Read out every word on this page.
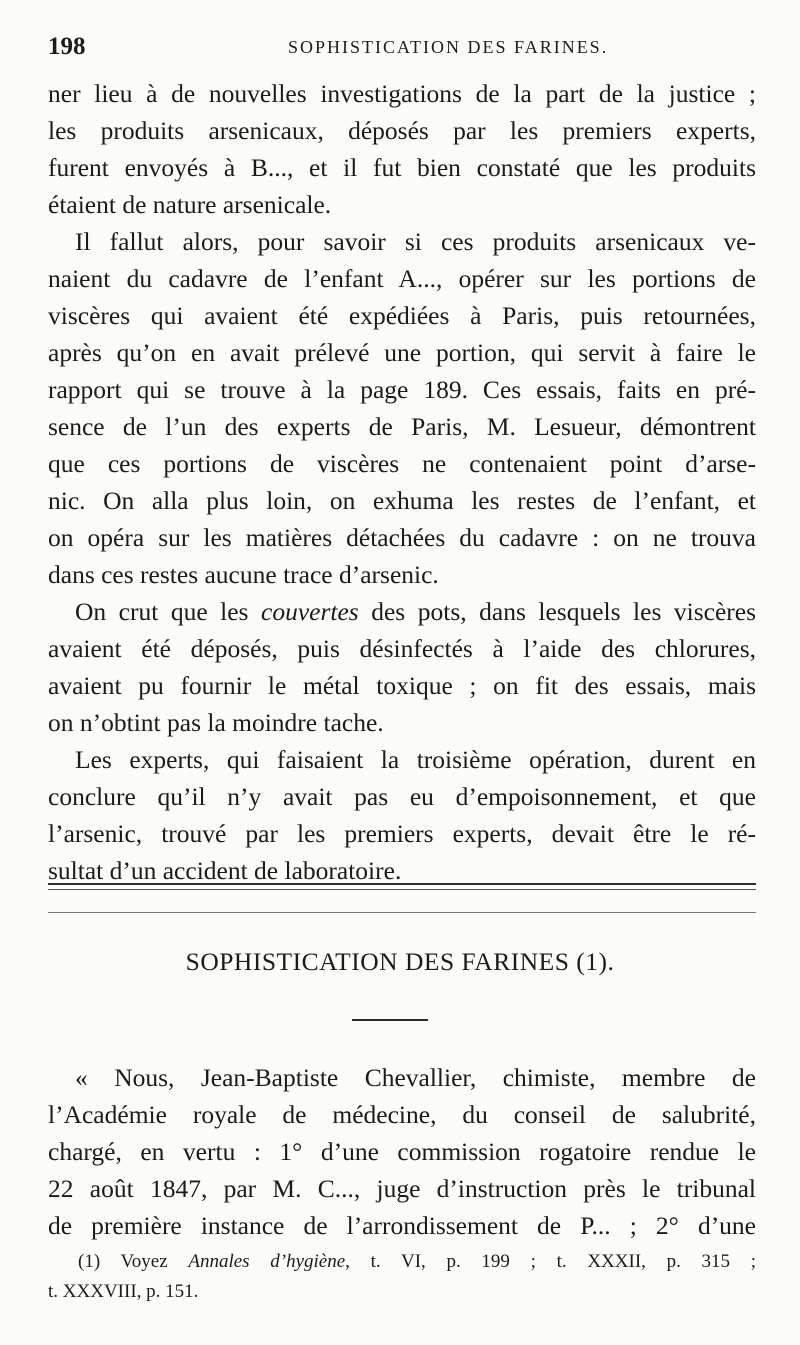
198	SOPHISTICATION DES FARINES.
ner lieu à de nouvelles investigations de la part de la justice ;
les produits arsenicaux, déposés par les premiers experts,
furent envoyés à B..., et il fut bien constaté que les produits
étaient de nature arsenicale.
Il fallut alors, pour savoir si ces produits arsenicaux ve-
naient du cadavre de l’enfant A..., opérer sur les portions de
viscères qui avaient été expédiées à Paris, puis retournées,
après qu’on en avait prélevé une portion, qui servit à faire le
rapport qui se trouve à la page 189. Ces essais, faits en pré-
sence de l’un des experts de Paris, M. Lesueur, démontrent
que ces portions de viscères ne contenaient point d’arse-
nic. On alla plus loin, on exhuma les restes de l’enfant, et
on opéra sur les matières détachées du cadavre : on ne trouva
dans ces restes aucune trace d’arsenic.
On crut que les couvertes des pots, dans lesquels les viscères
avaient été déposés, puis désinfectés à l’aide des chlorures,
avaient pu fournir le métal toxique ; on fit des essais, mais
on n’obtint pas la moindre tache.
Les experts, qui faisaient la troisième opération, durent en
conclure qu’il n’y avait pas eu d’empoisonnement, et que
l’arsenic, trouvé par les premiers experts, devait être le ré-
sultat d’un accident de laboratoire.
SOPHISTICATION DES FARINES (1).
« Nous, Jean-Baptiste Chevallier, chimiste, membre de
l’Académie royale de médecine, du conseil de salubrité,
chargé, en vertu : 1° d’une commission rogatoire rendue le
22 août 1847, par M. C..., juge d’instruction près le tribunal
de première instance de l’arrondissement de P... ; 2° d’une
(1) Voyez Annales d’hygiène, t. VI, p. 199 ; t. XXXII, p. 315 ;
t. XXXVIII, p. 151.
